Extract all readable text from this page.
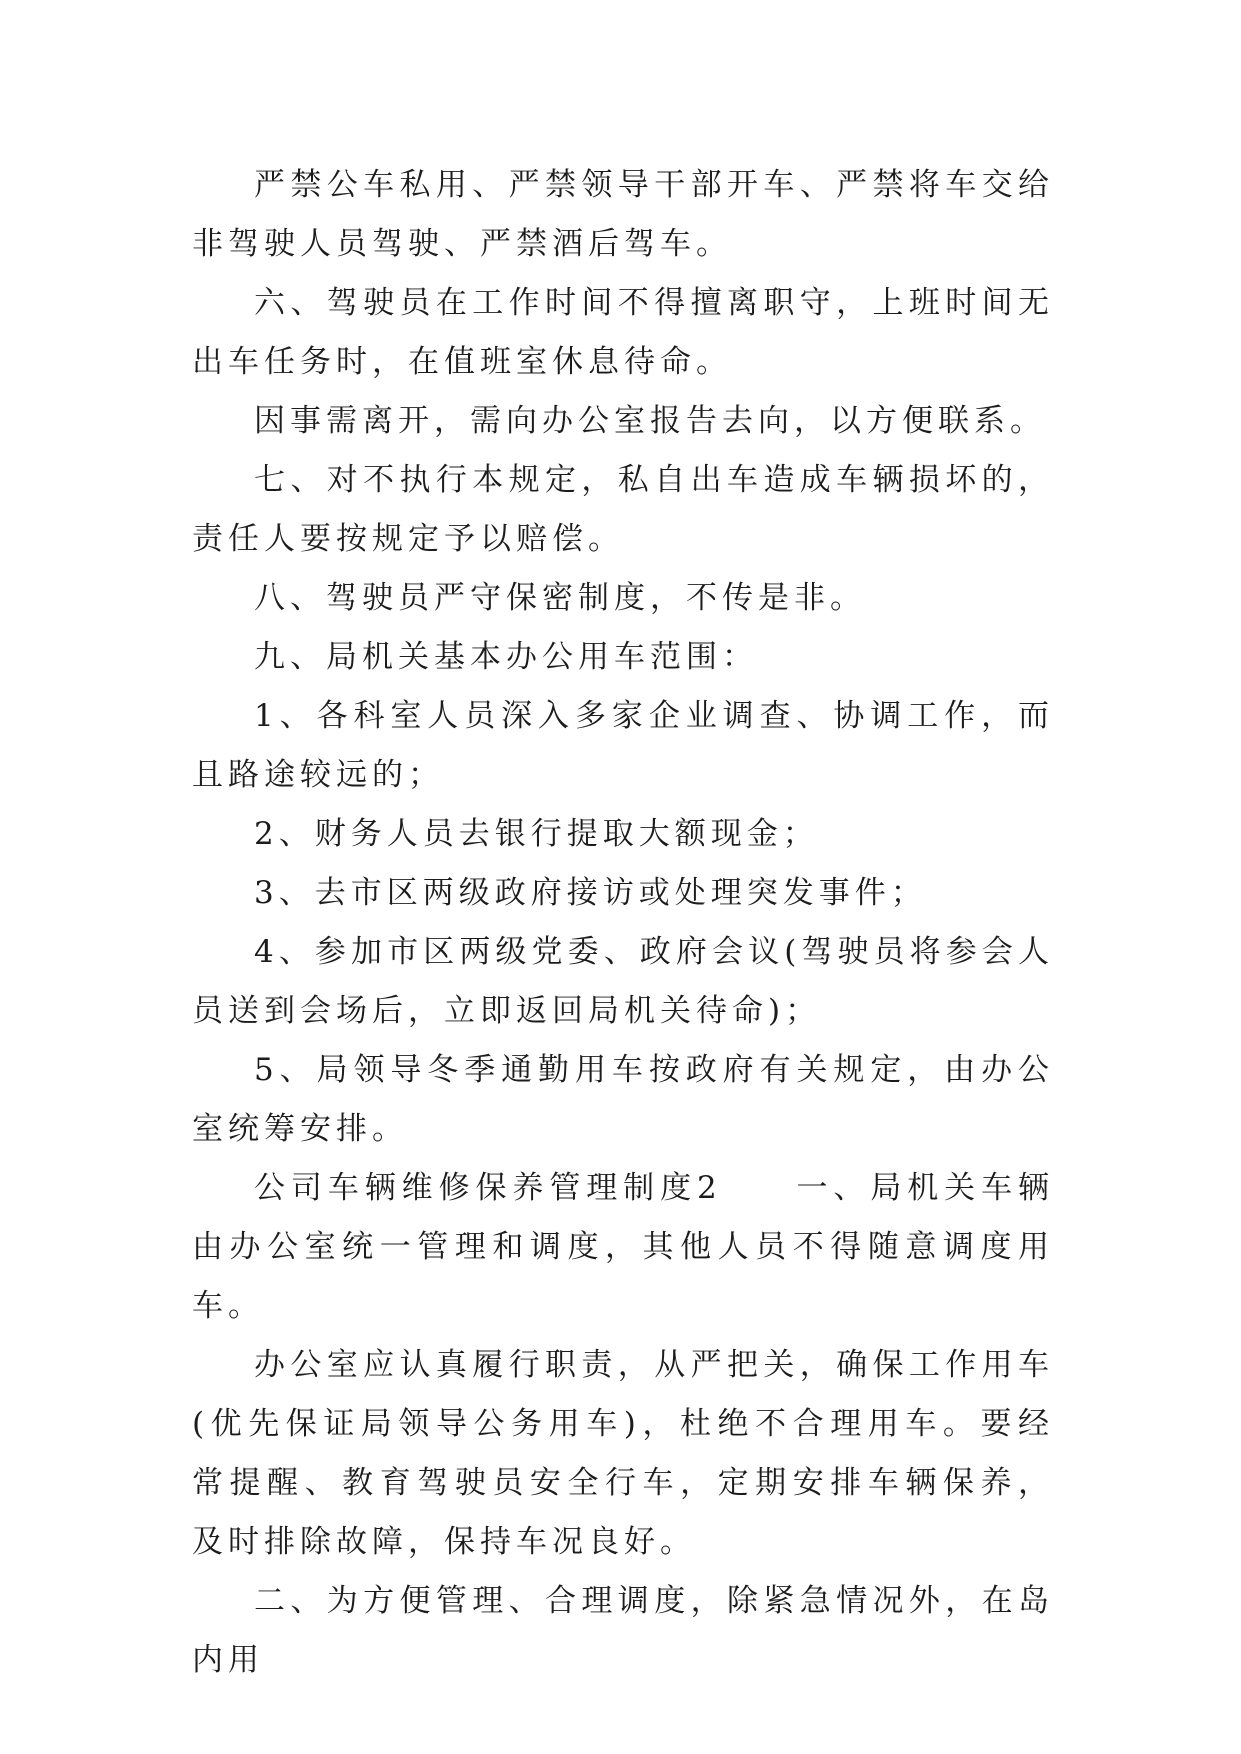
严禁公车私用、严禁领导干部开车、严禁将车交给非驾驶人员驾驶、严禁酒后驾车。

六、驾驶员在工作时间不得擅离职守，上班时间无出车任务时，在值班室休息待命。

因事需离开，需向办公室报告去向，以方便联系。

七、对不执行本规定，私自出车造成车辆损坏的，责任人要按规定予以赔偿。

八、驾驶员严守保密制度，不传是非。

九、局机关基本办公用车范围：

1、各科室人员深入多家企业调查、协调工作，而且路途较远的；

2、财务人员去银行提取大额现金；

3、去市区两级政府接访或处理突发事件；

4、参加市区两级党委、政府会议(驾驶员将参会人员送到会场后，立即返回局机关待命)；

5、局领导冬季通勤用车按政府有关规定，由办公室统筹安排。

公司车辆维修保养管理制度2　　一、局机关车辆由办公室统一管理和调度，其他人员不得随意调度用车。

办公室应认真履行职责，从严把关，确保工作用车(优先保证局领导公务用车)，杜绝不合理用车。要经常提醒、教育驾驶员安全行车，定期安排车辆保养，及时排除故障，保持车况良好。

二、为方便管理、合理调度，除紧急情况外，在岛内用
